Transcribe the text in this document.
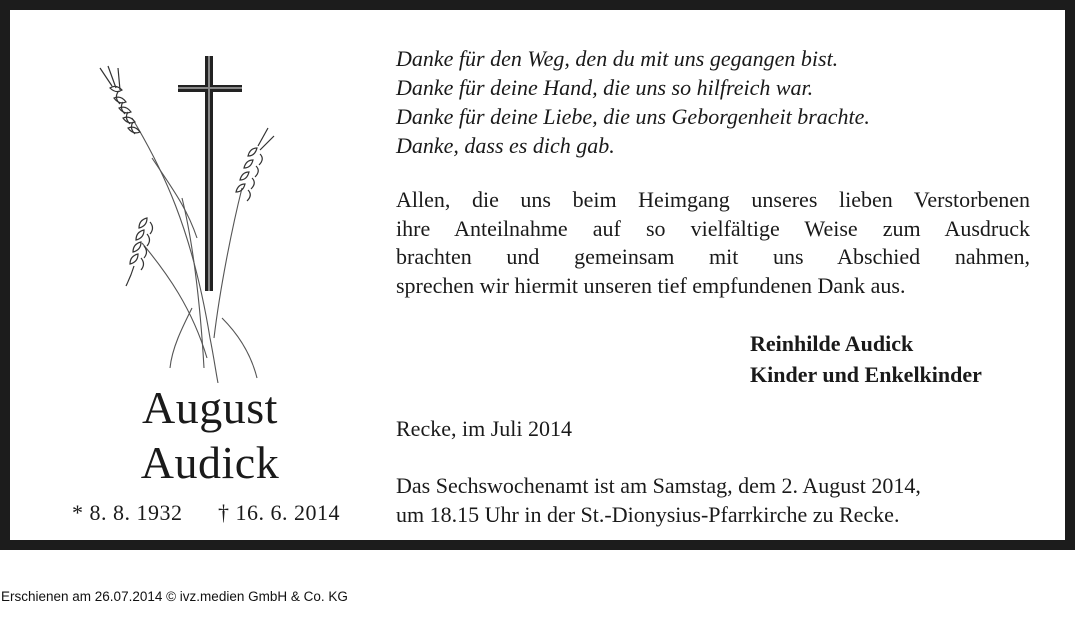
August
Audick
* 8. 8. 1932 † 16. 6. 2014
Danke für den Weg, den du mit uns gegangen bist.
Danke für deine Hand, die uns so hilfreich war.
Danke für deine Liebe, die uns Geborgenheit brachte.
Danke, dass es dich gab.
Allen, die uns beim Heimgang unseres lieben Verstorbenen
ihre Anteilnahme auf so vielfältige Weise zum Ausdruck
brachten und gemeinsam mit uns Abschied nahmen,
sprechen wir hiermit unseren tief empfundenen Dank aus.
Reinhilde Audick
Kinder und Enkelkinder
Recke, im Juli 2014
Das Sechswochenamt ist am Samstag, dem 2. August 2014,
um 18.15 Uhr in der St.-Dionysius-Pfarrkirche zu Recke.
Erschienen am 26.07.2014 © ivz.medien GmbH & Co. KG
